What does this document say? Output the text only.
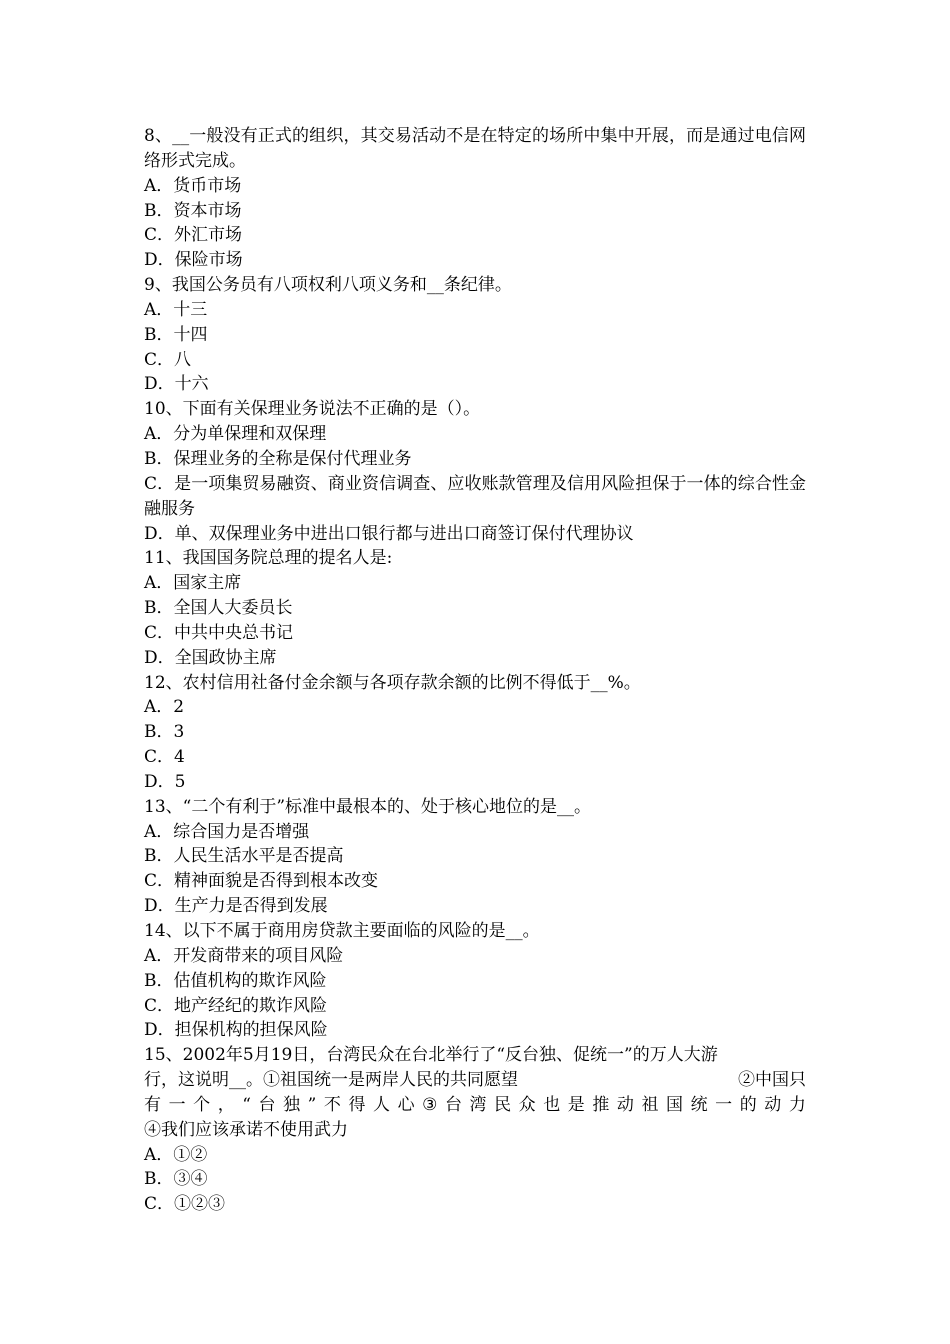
8、__一般没有正式的组织，其交易活动不是在特定的场所中集中开展，而是通过电信网络形式完成。
A．货币市场
B．资本市场
C．外汇市场
D．保险市场
9、我国公务员有八项权利八项义务和__条纪律。
A．十三
B．十四
C．八
D．十六
10、下面有关保理业务说法不正确的是（）。
A．分为单保理和双保理
B．保理业务的全称是保付代理业务
C．是一项集贸易融资、商业资信调查、应收账款管理及信用风险担保于一体的综合性金融服务
D．单、双保理业务中进出口银行都与进出口商签订保付代理协议
11、我国国务院总理的提名人是:
A．国家主席
B．全国人大委员长
C．中共中央总书记
D．全国政协主席
12、农村信用社备付金余额与各项存款余额的比例不得低于__%。
A．2
B．3
C．4
D．5
13、“二个有利于”标准中最根本的、处于核心地位的是__。
A．综合国力是否增强
B．人民生活水平是否提高
C．精神面貌是否得到根本改变
D．生产力是否得到发展
14、以下不属于商用房贷款主要面临的风险的是__。
A．开发商带来的项目风险
B．估值机构的欺诈风险
C．地产经纪的欺诈风险
D．担保机构的担保风险
15、2002年5月19日，台湾民众在台北举行了“反台独、促统一”的万人大游
行，这说明__。①祖国统一是两岸人民的共同愿望	②中国只
有 一 个 ， “ 台 独 ” 不 得 人 心 ③ 台 湾 民 众 也 是 推 动 祖 国 统 一 的 动 力
④我们应该承诺不使用武力
A．①②
B．③④
C．①②③
